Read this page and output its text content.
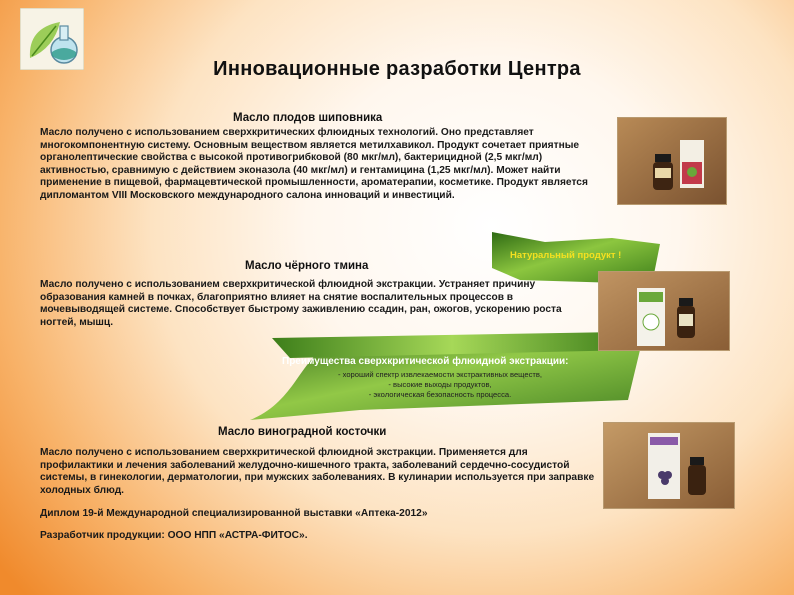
Инновационные разработки Центра
Масло плодов шиповника
Масло получено с использованием сверхкритических флюидных технологий. Оно представляет многокомпонентную систему. Основным веществом является метилхавикол. Продукт сочетает приятные органолептические свойства с высокой противогрибковой (80 мкг/мл), бактерицидной (2,5 мкг/мл) активностью, сравнимую с действием эконазола (40 мкг/мл) и гентамицина (1,25 мкг/мл). Может найти применение в пищевой, фармацевтической промышленности, ароматерапии, косметике. Продукт является дипломантом VIII Московского международного салона инноваций и инвестиций.
Натуральный продукт !
Масло чёрного тмина
Масло получено с использованием сверхкритической флюидной экстракции. Устраняет причину образования камней в почках, благоприятно влияет на снятие воспалительных процессов в мочевыводящей системе. Способствует быстрому заживлению ссадин, ран, ожогов, ускорению роста ногтей, мышц.
Преимущества сверхкритической флюидной экстракции:
- хороший спектр извлекаемости экстрактивных веществ,
- высокие выходы продуктов,
- экологическая безопасность процесса.
Масло виноградной косточки
Масло получено с использованием сверхкритической флюидной экстракции. Применяется для профилактики и лечения заболеваний желудочно-кишечного тракта, заболеваний сердечно-сосудистой системы, в гинекологии, дерматологии, при мужских заболеваниях. В кулинарии используется при заправке холодных блюд.
Диплом 19-й Международной специализированной выставки «Аптека-2012»
Разработчик продукции: ООО НПП «АСТРА-ФИТОС».
